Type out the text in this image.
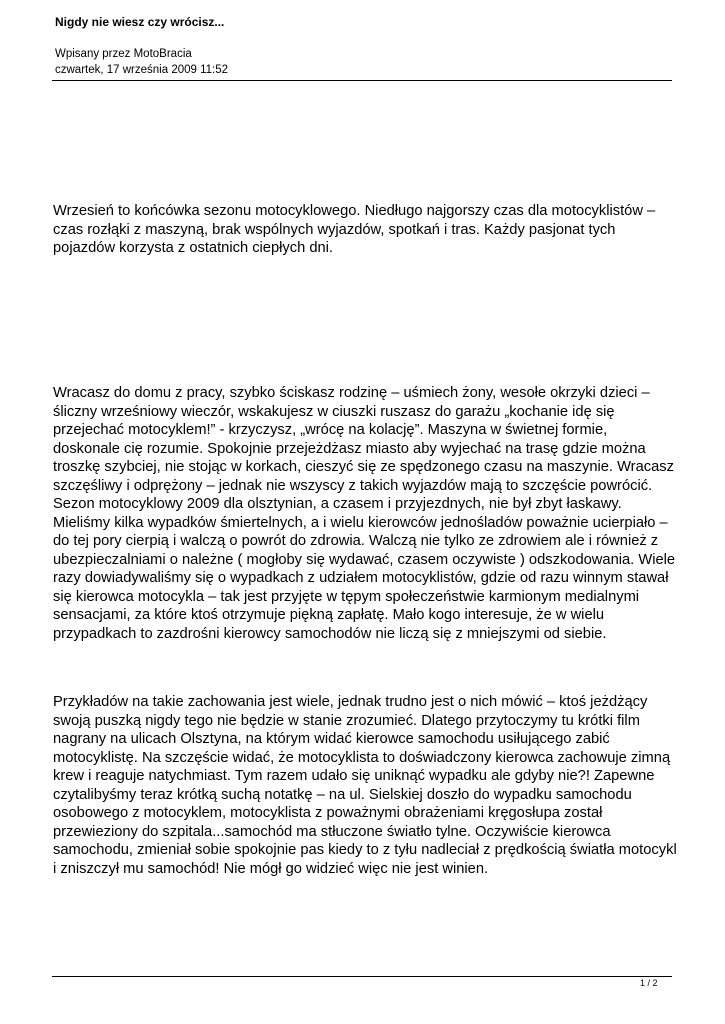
Nigdy nie wiesz czy wrócisz...
Wpisany przez MotoBracia
czwartek, 17 września 2009 11:52
Wrzesień to końcówka sezonu motocyklowego. Niedługo najgorszy czas dla motocyklistów –
czas rozłąki z maszyną, brak wspólnych wyjazdów, spotkań i tras. Każdy pasjonat tych
pojazdów korzysta z ostatnich ciepłych dni.
Wracasz do domu z pracy, szybko ściskasz rodzinę – uśmiech żony, wesołe okrzyki dzieci –
śliczny wrześniowy wieczór, wskakujesz w ciuszki ruszasz do garażu „kochanie idę się
przejechać motocyklem!” - krzyczysz, „wrócę na kolację”. Maszyna w świetnej formie,
doskonale cię rozumie. Spokojnie przejeżdżasz miasto aby wyjechać na trasę gdzie można
troszkę szybciej, nie stojąc w korkach, cieszyć się ze spędzonego czasu na maszynie. Wracasz
szczęśliwy i odprężony – jednak nie wszyscy z takich wyjazdów mają to szczęście powrócić.
Sezon motocyklowy 2009 dla olsztynian, a czasem i przyjezdnych, nie był zbyt łaskawy.
Mieliśmy kilka wypadków śmiertelnych, a i wielu kierowców jednośladów poważnie ucierpiało –
do tej pory cierpią i walczą o powrót do zdrowia. Walczą nie tylko ze zdrowiem ale i również z
ubezpieczalniami o należne ( mogłoby się wydawać, czasem oczywiste ) odszkodowania. Wiele
razy dowiadywaliśmy się o wypadkach z udziałem motocyklistów, gdzie od razu winnym stawał
się kierowca motocykla – tak jest przyjęte w tępym społeczeństwie karmionym medialnymi
sensacjami, za które ktoś otrzymuje piękną zapłatę. Mało kogo interesuje, że w wielu
przypadkach to zazdrośni kierowcy samochodów nie liczą się z mniejszymi od siebie.
Przykładów na takie zachowania jest wiele, jednak trudno jest o nich mówić – ktoś jeżdżący
swoją puszką nigdy tego nie będzie w stanie zrozumieć. Dlatego przytoczymy tu krótki film
nagrany na ulicach Olsztyna, na którym widać kierowce samochodu usiłującego zabić
motocyklistę. Na szczęście widać, że motocyklista to doświadczony kierowca zachowuje zimną
krew i reaguje natychmiast. Tym razem udało się uniknąć wypadku ale gdyby nie?! Zapewne
czytalibyśmy teraz krótką suchą notatkę – na ul. Sielskiej doszło do wypadku samochodu
osobowego z motocyklem, motocyklista z poważnymi obrażeniami kręgosłupa został
przewieziony do szpitala...samochód ma stłuczone światło tylne. Oczywiście kierowca
samochodu, zmieniał sobie spokojnie pas kiedy to z tyłu nadleciał z prędkością światła motocykl
i zniszczył mu samochód! Nie mógł go widzieć więc nie jest winien.
1 / 2
